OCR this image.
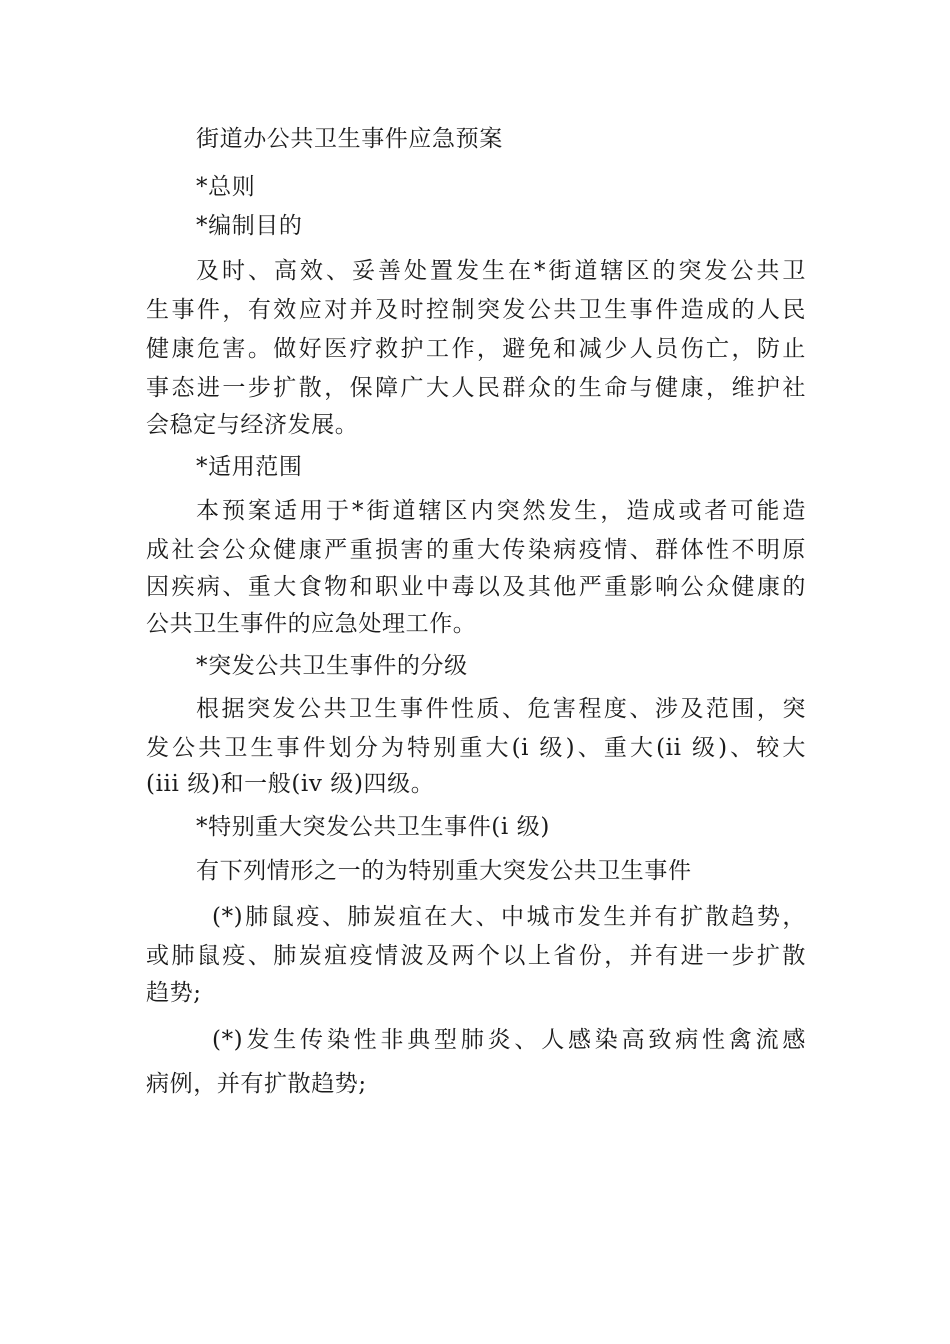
街道办公共卫生事件应急预案
*总则
*编制目的
及时、高效、妥善处置发生在*街道辖区的突发公共卫
生事件，有效应对并及时控制突发公共卫生事件造成的人民
健康危害。做好医疗救护工作，避免和减少人员伤亡，防止
事态进一步扩散，保障广大人民群众的生命与健康，维护社
会稳定与经济发展。
*适用范围
本预案适用于*街道辖区内突然发生，造成或者可能造
成社会公众健康严重损害的重大传染病疫情、群体性不明原
因疾病、重大食物和职业中毒以及其他严重影响公众健康的
公共卫生事件的应急处理工作。
*突发公共卫生事件的分级
根据突发公共卫生事件性质、危害程度、涉及范围，突
发公共卫生事件划分为特别重大(i 级)、重大(ii 级)、较大
(iii 级)和一般(iv 级)四级。
*特别重大突发公共卫生事件(i 级)
有下列情形之一的为特别重大突发公共卫生事件
(*)肺鼠疫、肺炭疽在大、中城市发生并有扩散趋势，
或肺鼠疫、肺炭疽疫情波及两个以上省份，并有进一步扩散
趋势;
(*)发生传染性非典型肺炎、人感染高致病性禽流感
病例，并有扩散趋势;
